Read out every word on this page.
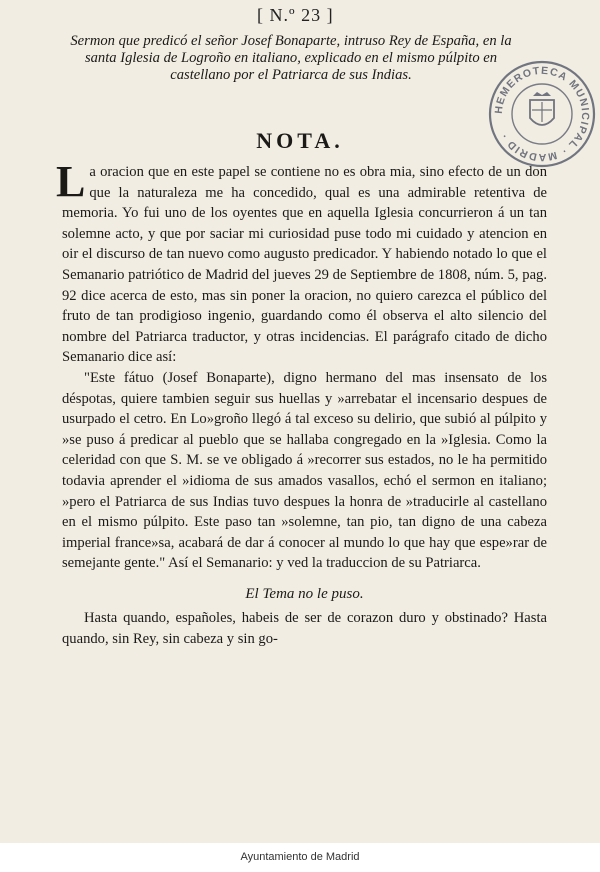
[ N.º 23 ]
HEMEROTECA MUNICIPAL · MADRID ·
Sermon que predicó el señor Josef Bonaparte, intruso Rey de España, en la santa Iglesia de Logroño en italiano, explicado en el mismo púlpito en castellano por el Patriarca de sus Indias.
NOTA.

La oracion que en este papel se contiene no es obra mia, sino efecto de un don que la naturaleza me ha concedido, qual es una admirable retentiva de memoria. Yo fui uno de los oyentes que en aquella Iglesia concurrieron á un tan solemne acto, y que por saciar mi curiosidad puse todo mi cuidado y atencion en oir el discurso de tan nuevo como augusto predicador. Y habiendo notado lo que el Semanario patriótico de Madrid del jueves 29 de Septiembre de 1808, núm. 5, pag. 92 dice acerca de esto, mas sin poner la oracion, no quiero carezca el público del fruto de tan prodigioso ingenio, guardando como él observa el alto silencio del nombre del Patriarca traductor, y otras incidencias. El parágrafo citado de dicho Semanario dice así:

"Este fátuo (Josef Bonaparte), digno hermano del mas insensato de los déspotas, quiere tambien seguir sus huellas y »arrebatar el incensario despues de usurpado el cetro. En Lo»groño llegó á tal exceso su delirio, que subió al púlpito y »se puso á predicar al pueblo que se hallaba congregado en la »Iglesia. Como la celeridad con que S. M. se ve obligado á »recorrer sus estados, no le ha permitido todavia aprender el »idioma de sus amados vasallos, echó el sermon en italiano; »pero el Patriarca de sus Indias tuvo despues la honra de »traducirle al castellano en el mismo púlpito. Este paso tan »solemne, tan pio, tan digno de una cabeza imperial france»sa, acabará de dar á conocer al mundo lo que hay que espe»rar de semejante gente." Así el Semanario: y ved la traduccion de su Patriarca.

El Tema no le puso.

Hasta quando, españoles, habeis de ser de corazon duro y obstinado? Hasta quando, sin Rey, sin cabeza y sin go-

Ayuntamiento de Madrid
